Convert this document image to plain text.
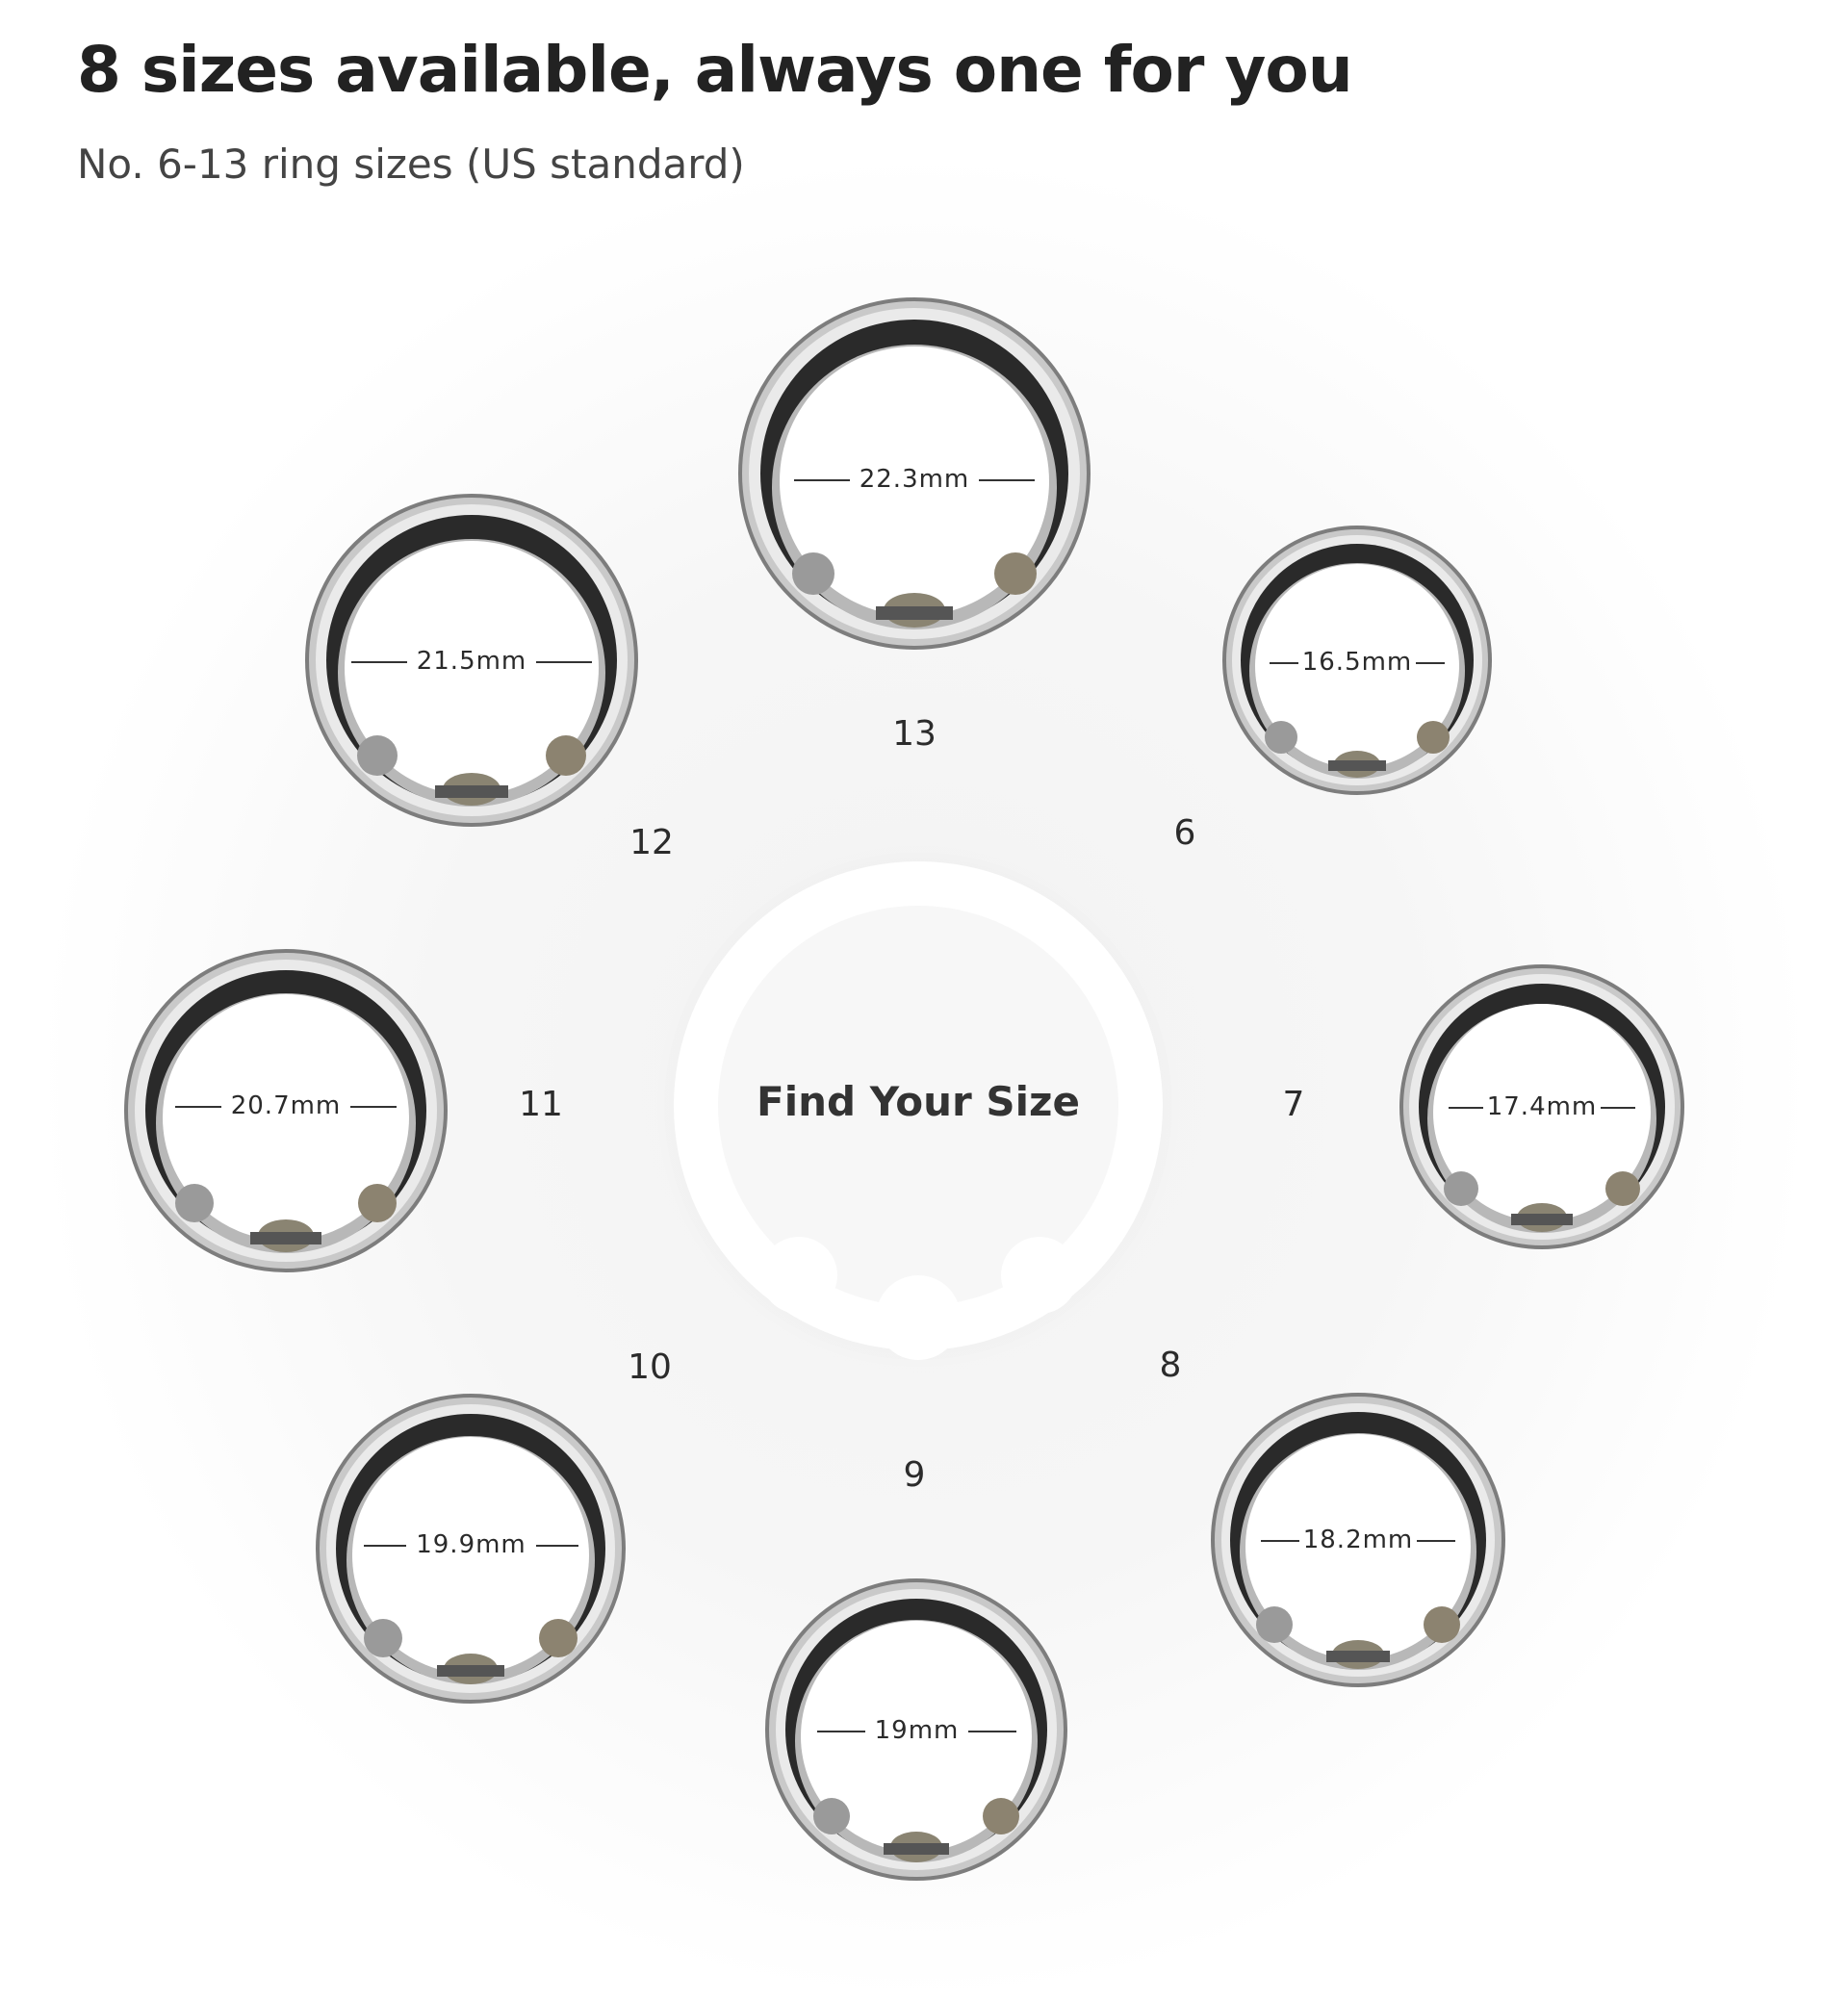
8 sizes available, always one for you

No. 6-13 ring sizes (US standard)

Find Your Size
22.3mm
13
21.5mm
12
16.5mm
6
20.7mm	11	17.4mm
7
19.9mm
10
18.2mm
8
19mm
9
